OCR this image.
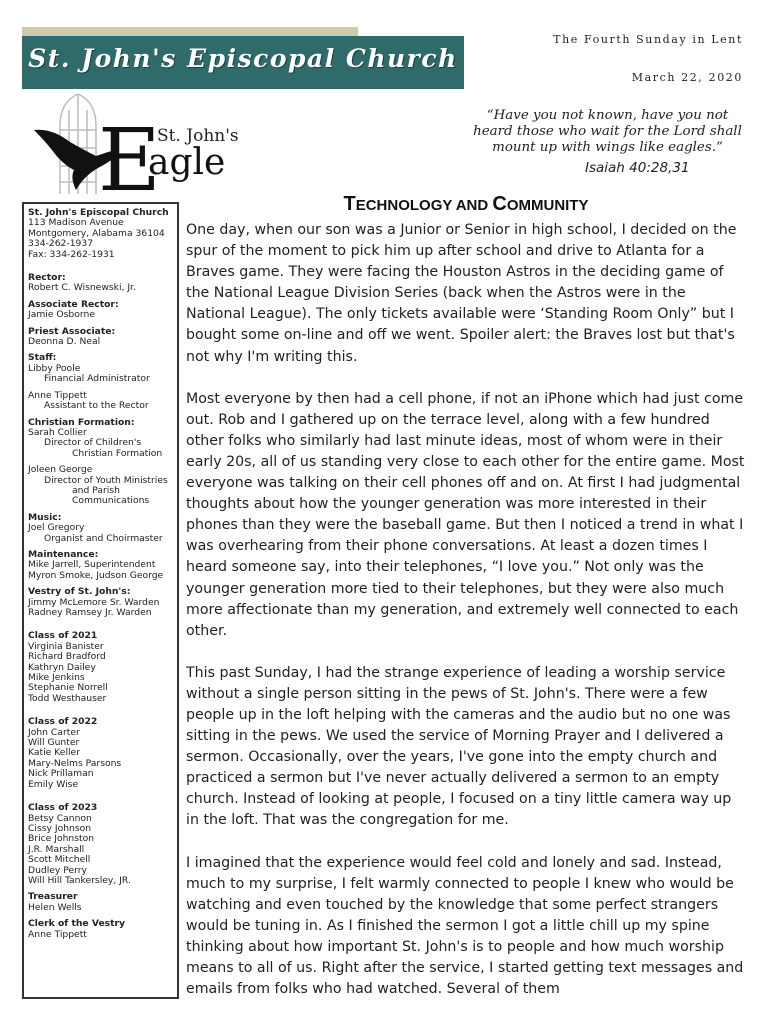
St. John's Episcopal Church
The Fourth Sunday in Lent
March 22, 2020
“Have you not known, have you not heard those who wait for the Lord shall mount up with wings like eagles.”
Isaiah 40:28,31
E
St. John's
agle
St. John's Episcopal Church
113 Madison Avenue
Montgomery, Alabama 36104
334-262-1937
Fax: 334-262-1931
Rector:
Robert C. Wisnewski, Jr.
Associate Rector:
Jamie Osborne
Priest Associate:
Deonna D. Neal
Staff:
Libby Poole
Financial Administrator
Anne Tippett
Assistant to the Rector
Christian Formation:
Sarah Collier
Director of Children's
Christian Formation
Joleen George
Director of Youth Ministries
and Parish
Communications
Music:
Joel Gregory
Organist and Choirmaster
Maintenance:
Mike Jarrell, Superintendent
Myron Smoke, Judson George
Vestry of St. John's:
Jimmy McLemore Sr. Warden
Radney Ramsey Jr. Warden
Class of 2021
Virginia Banister
Richard Bradford
Kathryn Dailey
Mike Jenkins
Stephanie Norrell
Todd Westhauser
Class of 2022
John Carter
Will Gunter
Katie Keller
Mary-Nelms Parsons
Nick Prillaman
Emily Wise
Class of 2023
Betsy Cannon
Cissy Johnson
Brice Johnston
J.R. Marshall
Scott Mitchell
Dudley Perry
Will Hill Tankersley, JR.
Treasurer
Helen Wells
Clerk of the Vestry
Anne Tippett
TECHNOLOGY AND COMMUNITY

One day, when our son was a Junior or Senior in high school, I decided on the spur of the moment to pick him up after school and drive to Atlanta for a Braves game. They were facing the Houston Astros in the deciding game of the National League Division Series (back when the Astros were in the National League). The only tickets available were ‘Standing Room Only” but I bought some on-line and off we went. Spoiler alert: the Braves lost but that's not why I'm writing this.

Most everyone by then had a cell phone, if not an iPhone which had just come out. Rob and I gathered up on the terrace level, along with a few hundred other folks who similarly had last minute ideas, most of whom were in their early 20s, all of us standing very close to each other for the entire game. Most everyone was talking on their cell phones off and on. At first I had judgmental thoughts about how the younger generation was more interested in their phones than they were the baseball game. But then I noticed a trend in what I was overhearing from their phone conversations. At least a dozen times I heard someone say, into their telephones, “I love you.” Not only was the younger generation more tied to their telephones, but they were also much more affectionate than my generation, and extremely well connected to each other.

This past Sunday, I had the strange experience of leading a worship service without a single person sitting in the pews of St. John's. There were a few people up in the loft helping with the cameras and the audio but no one was sitting in the pews. We used the service of Morning Prayer and I delivered a sermon. Occasionally, over the years, I've gone into the empty church and practiced a sermon but I've never actually delivered a sermon to an empty church. Instead of looking at people, I focused on a tiny little camera way up in the loft. That was the congregation for me.

I imagined that the experience would feel cold and lonely and sad. Instead, much to my surprise, I felt warmly connected to people I knew who would be watching and even touched by the knowledge that some perfect strangers would be tuning in. As I finished the sermon I got a little chill up my spine thinking about how important St. John's is to people and how much worship means to all of us. Right after the service, I started getting text messages and emails from folks who had watched. Several of them
